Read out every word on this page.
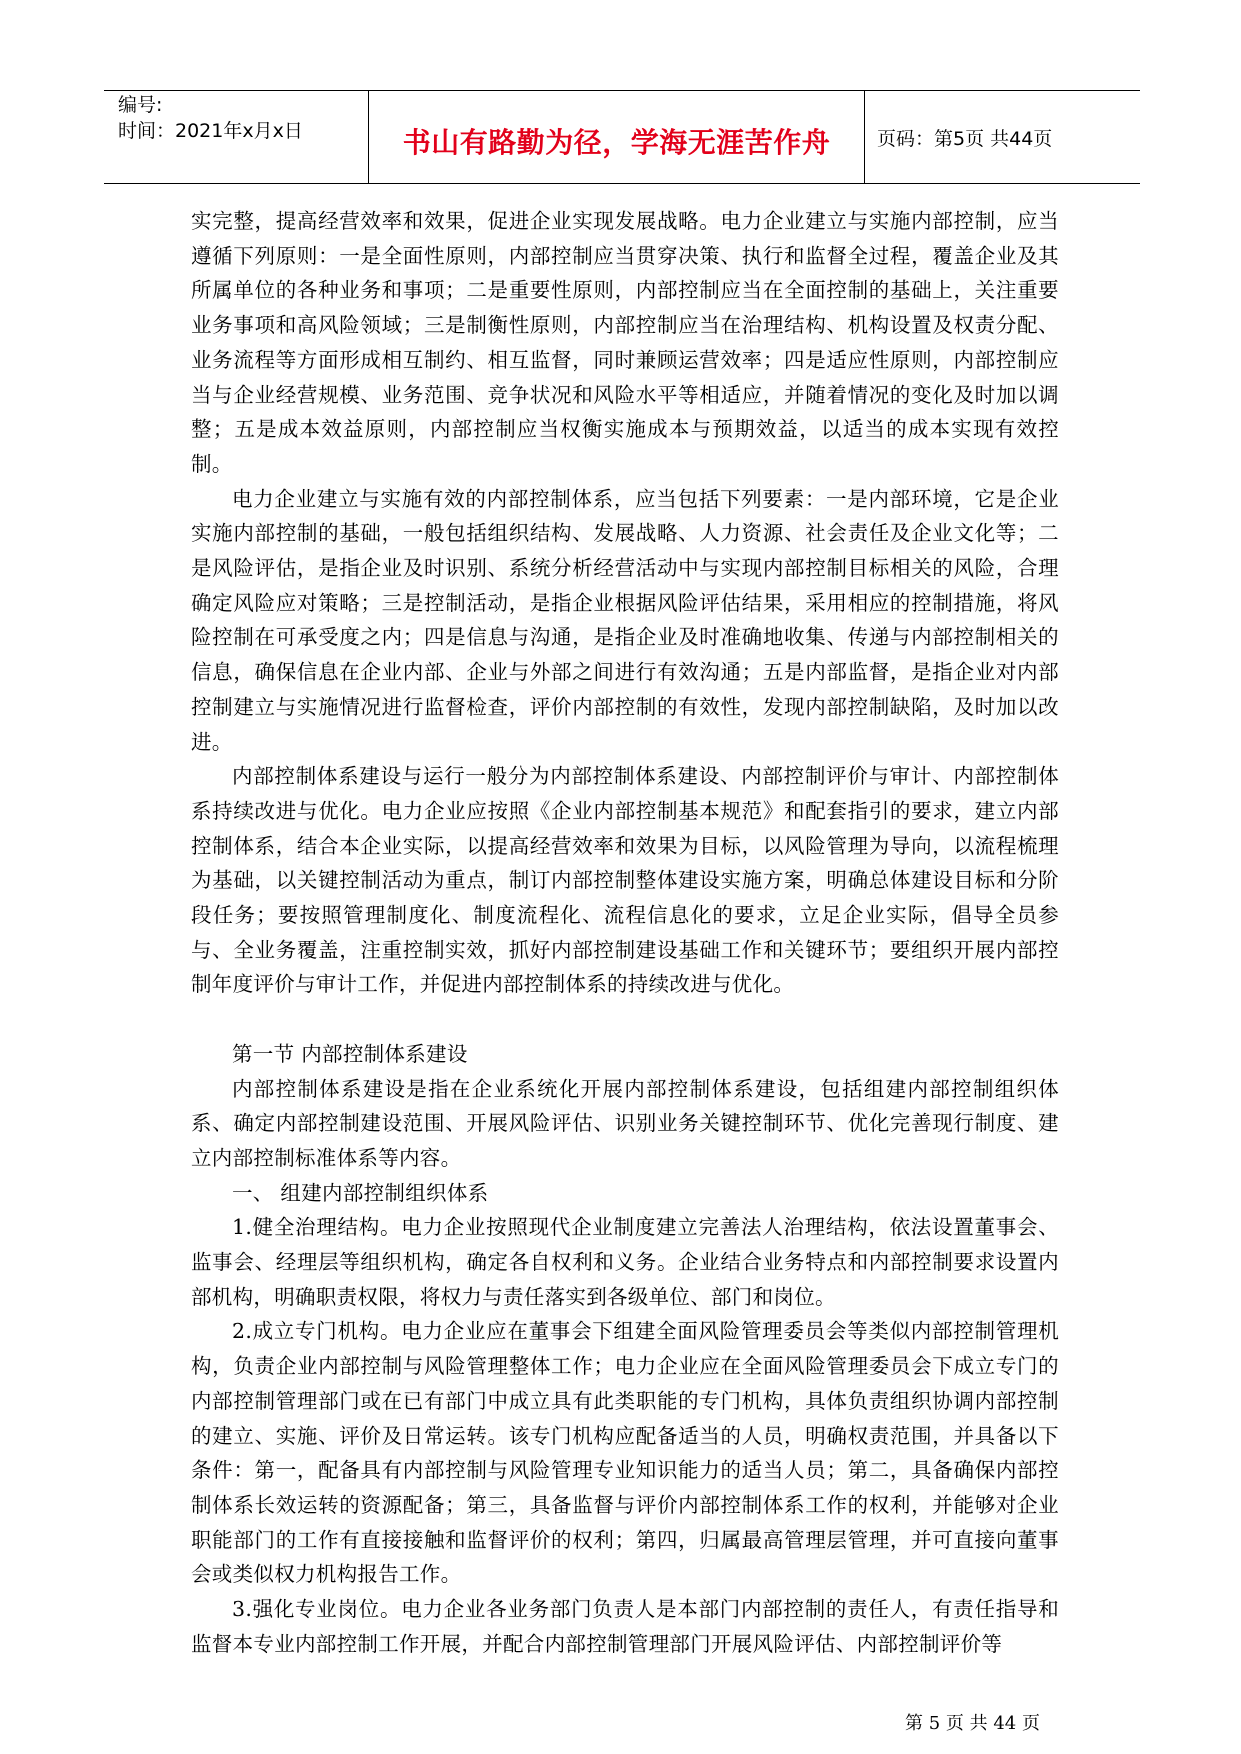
编号:
时间：2021年x月x日	书山有路勤为径，学海无涯苦作舟	页码：第5页 共44页

实完整，提高经营效率和效果，促进企业实现发展战略。电力企业建立与实施内部控制，应当遵循下列原则：一是全面性原则，内部控制应当贯穿决策、执行和监督全过程，覆盖企业及其所属单位的各种业务和事项；二是重要性原则，内部控制应当在全面控制的基础上，关注重要业务事项和高风险领域；三是制衡性原则，内部控制应当在治理结构、机构设置及权责分配、业务流程等方面形成相互制约、相互监督，同时兼顾运营效率；四是适应性原则，内部控制应当与企业经营规模、业务范围、竞争状况和风险水平等相适应，并随着情况的变化及时加以调整；五是成本效益原则，内部控制应当权衡实施成本与预期效益，以适当的成本实现有效控制。

电力企业建立与实施有效的内部控制体系，应当包括下列要素：一是内部环境，它是企业实施内部控制的基础，一般包括组织结构、发展战略、人力资源、社会责任及企业文化等；二是风险评估，是指企业及时识别、系统分析经营活动中与实现内部控制目标相关的风险，合理确定风险应对策略；三是控制活动，是指企业根据风险评估结果，采用相应的控制措施，将风险控制在可承受度之内；四是信息与沟通，是指企业及时准确地收集、传递与内部控制相关的信息，确保信息在企业内部、企业与外部之间进行有效沟通；五是内部监督，是指企业对内部控制建立与实施情况进行监督检查，评价内部控制的有效性，发现内部控制缺陷，及时加以改进。

内部控制体系建设与运行一般分为内部控制体系建设、内部控制评价与审计、内部控制体系持续改进与优化。电力企业应按照《企业内部控制基本规范》和配套指引的要求，建立内部控制体系，结合本企业实际，以提高经营效率和效果为目标，以风险管理为导向，以流程梳理为基础，以关键控制活动为重点，制订内部控制整体建设实施方案，明确总体建设目标和分阶段任务；要按照管理制度化、制度流程化、流程信息化的要求，立足企业实际，倡导全员参与、全业务覆盖，注重控制实效，抓好内部控制建设基础工作和关键环节；要组织开展内部控制年度评价与审计工作，并促进内部控制体系的持续改进与优化。

第一节 内部控制体系建设

内部控制体系建设是指在企业系统化开展内部控制体系建设，包括组建内部控制组织体系、确定内部控制建设范围、开展风险评估、识别业务关键控制环节、优化完善现行制度、建立内部控制标准体系等内容。

一、 组建内部控制组织体系

1.健全治理结构。电力企业按照现代企业制度建立完善法人治理结构，依法设置董事会、监事会、经理层等组织机构，确定各自权利和义务。企业结合业务特点和内部控制要求设置内部机构，明确职责权限，将权力与责任落实到各级单位、部门和岗位。

2.成立专门机构。电力企业应在董事会下组建全面风险管理委员会等类似内部控制管理机构，负责企业内部控制与风险管理整体工作；电力企业应在全面风险管理委员会下成立专门的内部控制管理部门或在已有部门中成立具有此类职能的专门机构，具体负责组织协调内部控制的建立、实施、评价及日常运转。该专门机构应配备适当的人员，明确权责范围，并具备以下条件：第一，配备具有内部控制与风险管理专业知识能力的适当人员；第二，具备确保内部控制体系长效运转的资源配备；第三，具备监督与评价内部控制体系工作的权利，并能够对企业职能部门的工作有直接接触和监督评价的权利；第四，归属最高管理层管理，并可直接向董事会或类似权力机构报告工作。

3.强化专业岗位。电力企业各业务部门负责人是本部门内部控制的责任人，有责任指导和监督本专业内部控制工作开展，并配合内部控制管理部门开展风险评估、内部控制评价等

第 5 页 共 44 页
